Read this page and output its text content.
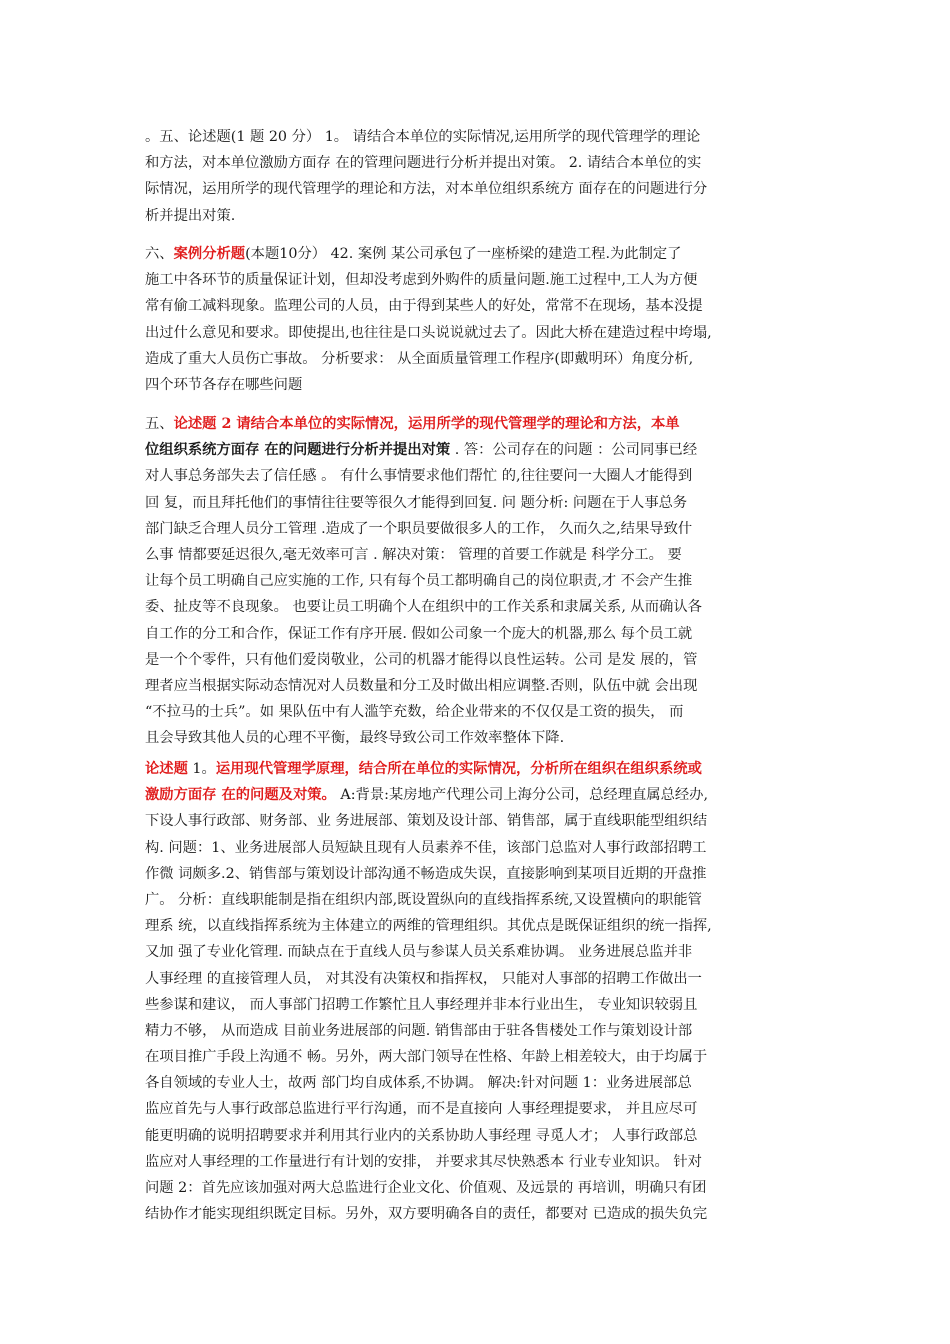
。五、论述题(1 题 20 分） 1。 请结合本单位的实际情况,运用所学的现代管理学的理论
和方法，对本单位激励方面存 在的管理问题进行分析并提出对策。 2. 请结合本单位的实
际情况，运用所学的现代管理学的理论和方法，对本单位组织系统方 面存在的问题进行分
析并提出对策.
六、案例分析题(本题10分） 42. 案例 某公司承包了一座桥梁的建造工程.为此制定了
施工中各环节的质量保证计划，但却没考虑到外购件的质量问题.施工过程中,工人为方便
常有偷工减料现象。监理公司的人员，由于得到某些人的好处，常常不在现场，基本没提
出过什么意见和要求。即使提出,也往往是口头说说就过去了。因此大桥在建造过程中垮塌,
造成了重大人员伤亡事故。 分析要求： 从全面质量管理工作程序(即戴明环）角度分析,
四个环节各存在哪些问题
五、论述题 2 请结合本单位的实际情况，运用所学的现代管理学的理论和方法，本单
位组织系统方面存 在的问题进行分析并提出对策 . 答：公司存在的问题 ：公司同事已经
对人事总务部失去了信任感 。 有什么事情要求他们帮忙 的,往往要问一大圈人才能得到
回 复，而且拜托他们的事情往往要等很久才能得到回复. 问 题分析: 问题在于人事总务
部门缺乏合理人员分工管理 .造成了一个职员要做很多人的工作， 久而久之,结果导致什
么事 情都要延迟很久,毫无效率可言 . 解决对策： 管理的首要工作就是 科学分工。 要
让每个员工明确自己应实施的工作, 只有每个员工都明确自己的岗位职责,才 不会产生推
委、扯皮等不良现象。 也要让员工明确个人在组织中的工作关系和隶属关系, 从而确认各
自工作的分工和合作，保证工作有序开展. 假如公司象一个庞大的机器,那么 每个员工就
是一个个零件，只有他们爱岗敬业，公司的机器才能得以良性运转。公司 是发 展的，管
理者应当根据实际动态情况对人员数量和分工及时做出相应调整.否则，队伍中就 会出现
“不拉马的士兵”。如 果队伍中有人滥竽充数，给企业带来的不仅仅是工资的损失， 而
且会导致其他人员的心理不平衡，最终导致公司工作效率整体下降.
论述题 1。运用现代管理学原理，结合所在单位的实际情况，分析所在组织在组织系统或
激励方面存 在的问题及对策。 A:背景:某房地产代理公司上海分公司，总经理直属总经办,
下设人事行政部、财务部、业 务进展部、策划及设计部、销售部，属于直线职能型组织结
构. 问题：1、业务进展部人员短缺且现有人员素养不佳，该部门总监对人事行政部招聘工
作微 词颇多.2、销售部与策划设计部沟通不畅造成失误，直接影响到某项目近期的开盘推
广。 分析：直线职能制是指在组织内部,既设置纵向的直线指挥系统,又设置横向的职能管
理系 统，以直线指挥系统为主体建立的两维的管理组织。其优点是既保证组织的统一指挥,
又加 强了专业化管理. 而缺点在于直线人员与参谋人员关系难协调。 业务进展总监并非
人事经理 的直接管理人员， 对其没有决策权和指挥权， 只能对人事部的招聘工作做出一
些参谋和建议， 而人事部门招聘工作繁忙且人事经理并非本行业出生， 专业知识较弱且
精力不够， 从而造成 目前业务进展部的问题. 销售部由于驻各售楼处工作与策划设计部
在项目推广手段上沟通不 畅。另外，两大部门领导在性格、年龄上相差较大，由于均属于
各自领域的专业人士，故两 部门均自成体系,不协调。 解决:针对问题 1：业务进展部总
监应首先与人事行政部总监进行平行沟通，而不是直接向 人事经理提要求， 并且应尽可
能更明确的说明招聘要求并利用其行业内的关系协助人事经理 寻觅人才； 人事行政部总
监应对人事经理的工作量进行有计划的安排， 并要求其尽快熟悉本 行业专业知识。 针对
问题 2：首先应该加强对两大总监进行企业文化、价值观、及远景的 再培训，明确只有团
结协作才能实现组织既定目标。另外，双方要明确各自的责任，都要对 已造成的损失负完
